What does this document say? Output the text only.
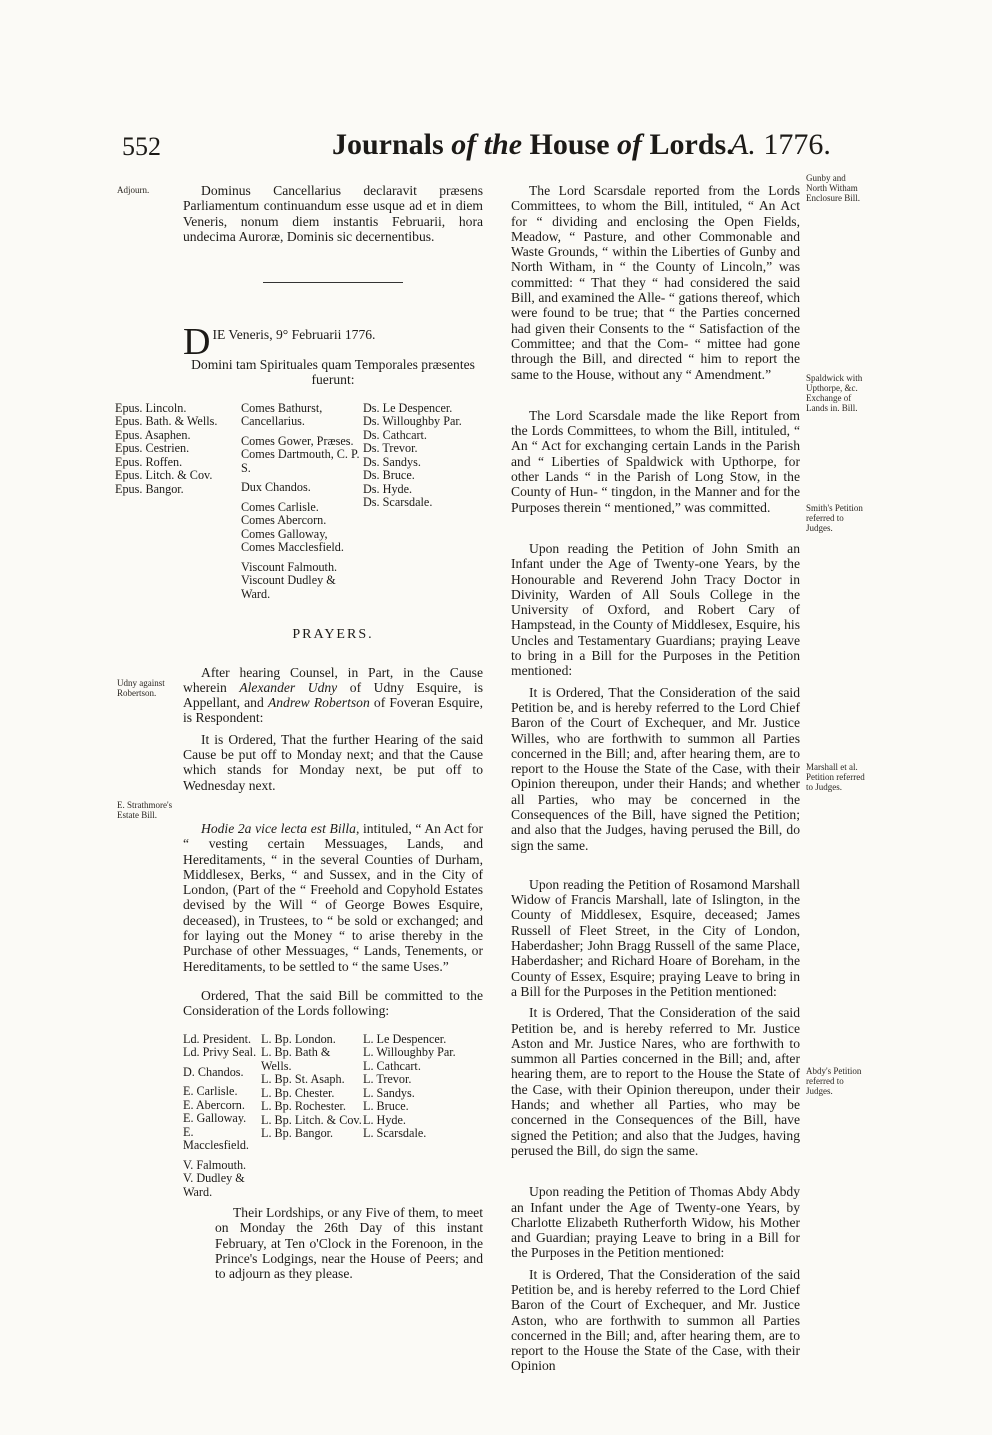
552	Journals of the House of Lords.
A. 1776.
Adjourn.
Udny against Robertson.
E. Strathmore's Estate Bill.
Gunby and North Witham Enclosure Bill.
Spaldwick with Upthorpe, &c. Exchange of Lands in. Bill.
Smith's Petition referred to Judges.
Marshall et al. Petition referred to Judges.
Abdy's Petition referred to Judges.

Dominus Cancellarius declaravit præsens Parliamentum continuandum esse usque ad et in diem Veneris, nonum diem instantis Februarii, hora undecima Auroræ, Dominis sic decernentibus.

DIE Veneris, 9° Februarii 1776.

Domini tam Spirituales quam Temporales præsentes fuerunt:

Epus. Lincoln.
Epus. Bath. & Wells.
Epus. Asaphen.
Epus. Cestrien.
Epus. Roffen.
Epus. Litch. & Cov.
Epus. Bangor.
Comes Bathurst, Cancellarius.
Comes Gower, Præses.
Comes Dartmouth, C. P. S.
Dux Chandos.
Comes Carlisle.
Comes Abercorn.
Comes Galloway,
Comes Macclesfield.
Viscount Falmouth.
Viscount Dudley & Ward.
Ds. Le Despencer.
Ds. Willoughby Par.
Ds. Cathcart.
Ds. Trevor.
Ds. Sandys.
Ds. Bruce.
Ds. Hyde.
Ds. Scarsdale.

PRAYERS.

After hearing Counsel, in Part, in the Cause wherein Alexander Udny of Udny Esquire, is Appellant, and Andrew Robertson of Foveran Esquire, is Respondent:

It is Ordered, That the further Hearing of the said Cause be put off to Monday next; and that the Cause which stands for Monday next, be put off to Wednesday next.

Hodie 2a vice lecta est Billa, intituled, “ An Act for “ vesting certain Messuages, Lands, and Hereditaments, “ in the several Counties of Durham, Middlesex, Berks, “ and Sussex, and in the City of London, (Part of the “ Freehold and Copyhold Estates devised by the Will “ of George Bowes Esquire, deceased), in Trustees, to “ be sold or exchanged; and for laying out the Money “ to arise thereby in the Purchase of other Messuages, “ Lands, Tenements, or Hereditaments, to be settled to “ the same Uses.”

Ordered, That the said Bill be committed to the Consideration of the Lords following:

Ld. President.
Ld. Privy Seal.
D. Chandos.
E. Carlisle.
E. Abercorn.
E. Galloway.
E. Macclesfield.
V. Falmouth.
V. Dudley & Ward.
L. Bp. London.
L. Bp. Bath & Wells.
L. Bp. St. Asaph.
L. Bp. Chester.
L. Bp. Rochester.
L. Bp. Litch. & Cov.
L. Bp. Bangor.
L. Le Despencer.
L. Willoughby Par.
L. Cathcart.
L. Trevor.
L. Sandys.
L. Bruce.
L. Hyde.
L. Scarsdale.

Their Lordships, or any Five of them, to meet on Monday the 26th Day of this instant February, at Ten o'Clock in the Forenoon, in the Prince's Lodgings, near the House of Peers; and to adjourn as they please.

The Lord Scarsdale reported from the Lords Committees, to whom the Bill, intituled, “ An Act for “ dividing and enclosing the Open Fields, Meadow, “ Pasture, and other Commonable and Waste Grounds, “ within the Liberties of Gunby and North Witham, in “ the County of Lincoln,” was committed: “ That they “ had considered the said Bill, and examined the Alle- “ gations thereof, which were found to be true; that “ the Parties concerned had given their Consents to the “ Satisfaction of the Committee; and that the Com- “ mittee had gone through the Bill, and directed “ him to report the same to the House, without any “ Amendment.”

The Lord Scarsdale made the like Report from the Lords Committees, to whom the Bill, intituled, “ An “ Act for exchanging certain Lands in the Parish and “ Liberties of Spaldwick with Upthorpe, for other Lands “ in the Parish of Long Stow, in the County of Hun- “ tingdon, in the Manner and for the Purposes therein “ mentioned,” was committed.

Upon reading the Petition of John Smith an Infant under the Age of Twenty-one Years, by the Honourable and Reverend John Tracy Doctor in Divinity, Warden of All Souls College in the University of Oxford, and Robert Cary of Hampstead, in the County of Middlesex, Esquire, his Uncles and Testamentary Guardians; praying Leave to bring in a Bill for the Purposes in the Petition mentioned:

It is Ordered, That the Consideration of the said Petition be, and is hereby referred to the Lord Chief Baron of the Court of Exchequer, and Mr. Justice Willes, who are forthwith to summon all Parties concerned in the Bill; and, after hearing them, are to report to the House the State of the Case, with their Opinion thereupon, under their Hands; and whether all Parties, who may be concerned in the Consequences of the Bill, have signed the Petition; and also that the Judges, having perused the Bill, do sign the same.

Upon reading the Petition of Rosamond Marshall Widow of Francis Marshall, late of Islington, in the County of Middlesex, Esquire, deceased; James Russell of Fleet Street, in the City of London, Haberdasher; John Bragg Russell of the same Place, Haberdasher; and Richard Hoare of Boreham, in the County of Essex, Esquire; praying Leave to bring in a Bill for the Purposes in the Petition mentioned:

It is Ordered, That the Consideration of the said Petition be, and is hereby referred to Mr. Justice Aston and Mr. Justice Nares, who are forthwith to summon all Parties concerned in the Bill; and, after hearing them, are to report to the House the State of the Case, with their Opinion thereupon, under their Hands; and whether all Parties, who may be concerned in the Consequences of the Bill, have signed the Petition; and also that the Judges, having perused the Bill, do sign the same.

Upon reading the Petition of Thomas Abdy Abdy an Infant under the Age of Twenty-one Years, by Charlotte Elizabeth Rutherforth Widow, his Mother and Guardian; praying Leave to bring in a Bill for the Purposes in the Petition mentioned:

It is Ordered, That the Consideration of the said Petition be, and is hereby referred to the Lord Chief Baron of the Court of Exchequer, and Mr. Justice Aston, who are forthwith to summon all Parties concerned in the Bill; and, after hearing them, are to report to the House the State of the Case, with their Opinion
